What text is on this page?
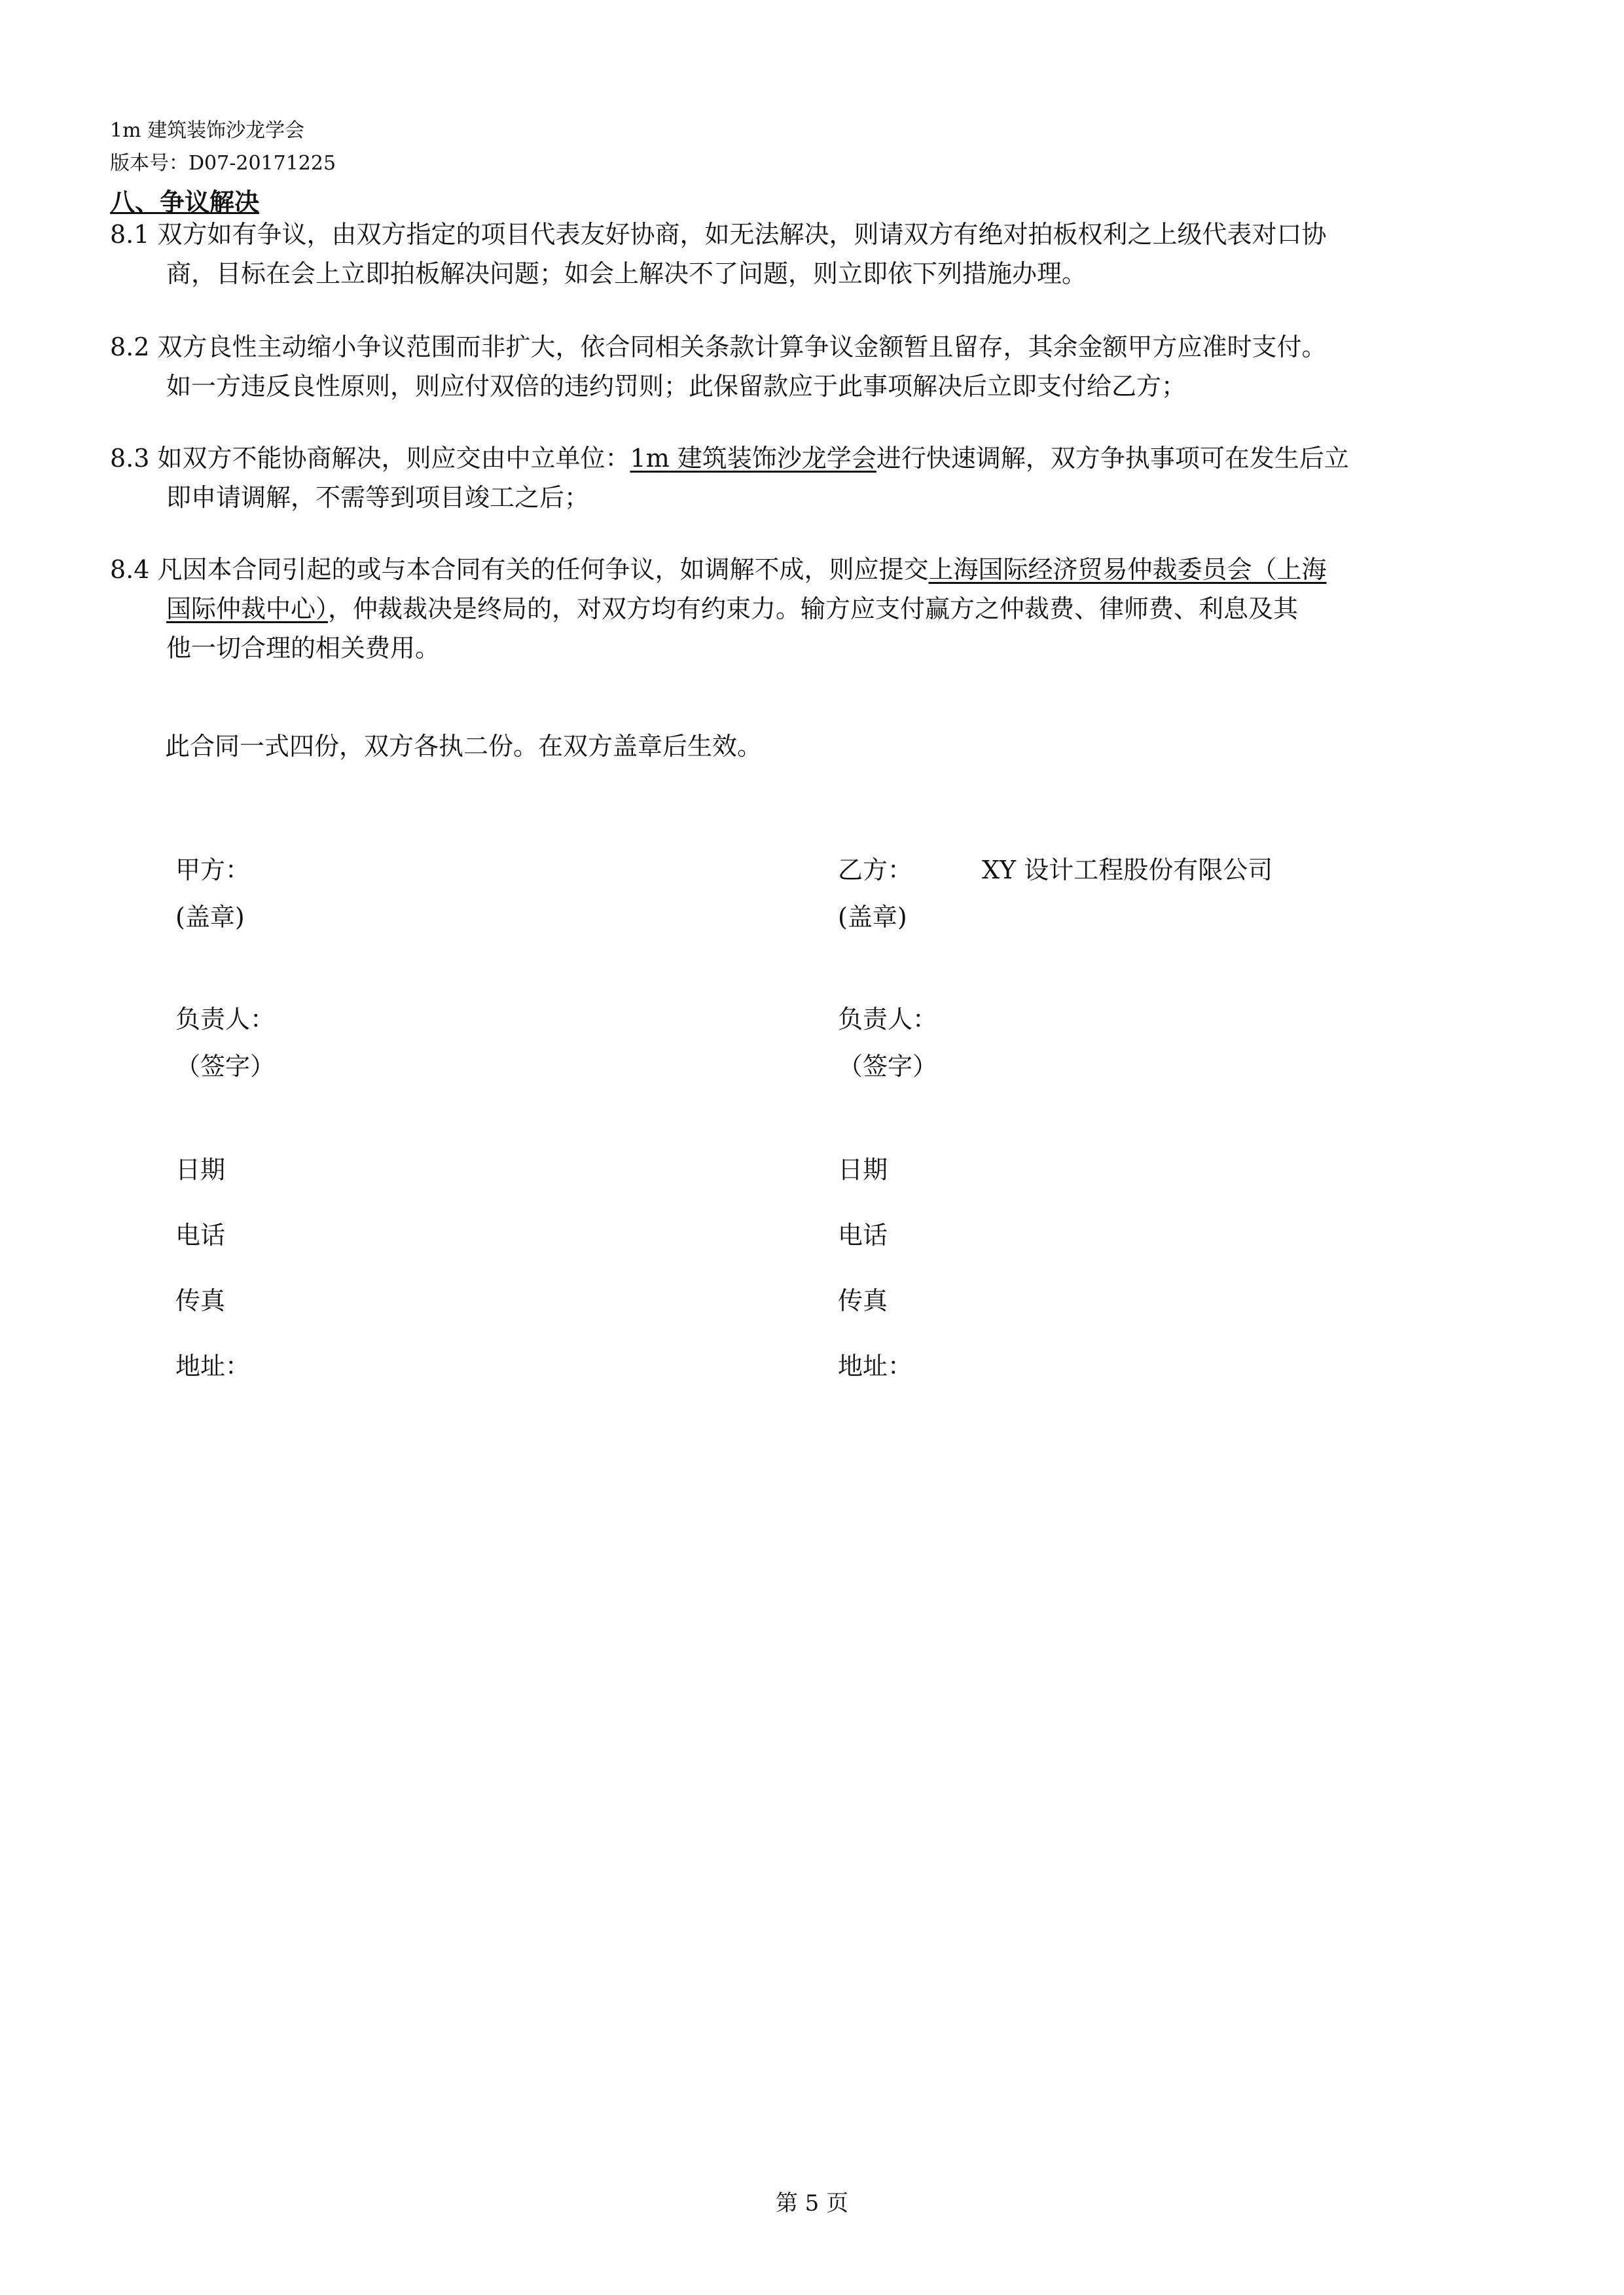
1m 建筑装饰沙龙学会
版本号：D07-20171225
八、争议解决
8.1 双方如有争议，由双方指定的项目代表友好协商，如无法解决，则请双方有绝对拍板权利之上级代表对口协
商，目标在会上立即拍板解决问题；如会上解决不了问题，则立即依下列措施办理。
8.2 双方良性主动缩小争议范围而非扩大，依合同相关条款计算争议金额暂且留存，其余金额甲方应准时支付。
如一方违反良性原则，则应付双倍的违约罚则；此保留款应于此事项解决后立即支付给乙方；
8.3 如双方不能协商解决，则应交由中立单位：1m 建筑装饰沙龙学会进行快速调解，双方争执事项可在发生后立
即申请调解，不需等到项目竣工之后；
8.4 凡因本合同引起的或与本合同有关的任何争议，如调解不成，则应提交上海国际经济贸易仲裁委员会（上海
国际仲裁中心），仲裁裁决是终局的，对双方均有约束力。输方应支付赢方之仲裁费、律师费、利息及其
他一切合理的相关费用。
此合同一式四份，双方各执二份。在双方盖章后生效。
甲方：
(盖章)
负责人：
（签字）
日期
电话
传真
地址：
乙方：	XY 设计工程股份有限公司
(盖章)
负责人：
（签字）
日期
电话
传真
地址：
第 5 页
